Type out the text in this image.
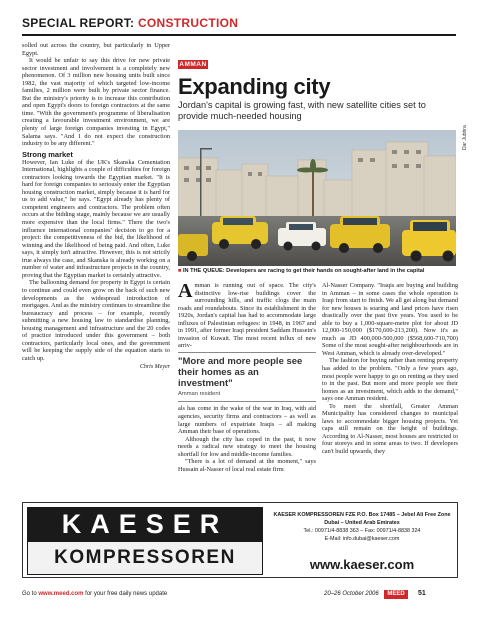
SPECIAL REPORT: CONSTRUCTION

solled out across the country, but particularly in Upper Egypt.

It would be unfair to say this drive for new private sector investment and involvement is a completely new phenomenon. Of 3 million new housing units built since 1982, the vast majority of which targeted low-income families, 2 million were built by private sector finance. But the ministry's priority is to increase this contribution and open Egypt's doors to foreign contractors at the same time. "With the government's programme of liberalisation creating a favourable investment environment, we are plenty of large foreign companies investing in Egypt," Salama says. "And I do not expect the construction industry to be any different."

Strong market

However, Ian Luke of the UK's Skanska Cementation International, highlights a couple of difficulties for foreign contractors looking towards the Egyptian market. "It is hard for foreign companies to seriously enter the Egyptian housing construction market, simply because it is hard for us to add value," he says. "Egypt already has plenty of competent engineers and contractors. The problem often occurs at the bidding stage, mainly because we are usually more expensive than the local firms." There the two's influence international companies' decision to go for a project: the competitiveness of the bid, the likelihood of winning and the likelihood of being paid. And often, Luke says, it simply isn't attractive. However, this is not strictly true always the case, and Skanska is already working on a number of water and infrastructure projects in the country, proving that the Egyptian market is certainly attractive.

The ballooning demand for property in Egypt is certain to continue and could even grow on the back of such new developments as the widespread introduction of mortgages. And as the ministry continues to streamline the bureaucracy and process – for example, recently submitting a new housing law to standardise planning, housing management and infrastructure and the 20 codes of practice introduced under this government – both contractors, particularly local ones, and the government will be keeping the supply side of the equation starts to catch up.

Chris Meyer
AMMAN
Expanding city
Jordan's capital is growing fast, with new satellite cities set to provide much-needed housing
Dar Jubbra
■ IN THE QUEUE: Developers are racing to get their hands on sought-after land in the capital

Amman is running out of space. The city's distinctive low-rise buildings cover the surrounding hills, and traffic clogs the main roads and roundabouts. Since its establishment in the 1920s, Jordan's capital has had to accommodate large influxes of Palestinian refugees: in 1948, in 1967 and in 1991, after former Iraqi president Saddam Hussein's invasion of Kuwait. The most recent influx of new arriv-

"More and more people see their homes as an investment"
Amman resident

als has come in the wake of the war in Iraq, with aid agencies, security firms and contractors – as well as large numbers of expatriate Iraqis – all making Amman their base of operations.

Although the city has coped in the past, it now needs a radical new strategy to meet the housing shortfall for low and middle-income families.

"There is a lot of demand at the moment," says Hussain al-Nasser of local real estate firm

Al-Nasser Company. "Iraqis are buying and building in Amman – in some cases the whole operation is Iraqi from start to finish. We all get along but demand for new houses is soaring and land prices have risen drastically over the past five years. You used to be able to buy a 1,000-square-metre plot for about JD 12,000-150,000 ($170,600-213,200). Now it's as much as JD 400,000-500,000 ($568,600-710,700) Some of the most sought-after neighbourhoods are in West Amman, which is already over-developed."

The fashion for buying rather than renting property has added to the problem. "Only a few years ago, most people were happy to go on renting as they used to in the past. But more and more people see their homes as an investment, which adds to the demand," says one Amman resident.

To meet the shortfall, Greater Amman Municipality has considered changes to municipal laws to accommodate bigger housing projects. Yet caps still remain on the height of buildings. According to Al-Nasser, most houses are restricted to four storeys and in some areas to two. If developers can't build upwards, they

KAESER
KOMPRESSOREN
KAESER KOMPRESSOREN FZE P.O. Box 17485 – Jebel Ali Free Zone
Dubai – United Arab Emirates
Tel.: 00971/4-8838 363 – Fax: 00971/4-8838 324
E-Mail: info.dubai@kaeser.com
www.kaeser.com
Go to www.meed.com for your free daily news update	20–26 October 2006	MEED	51
